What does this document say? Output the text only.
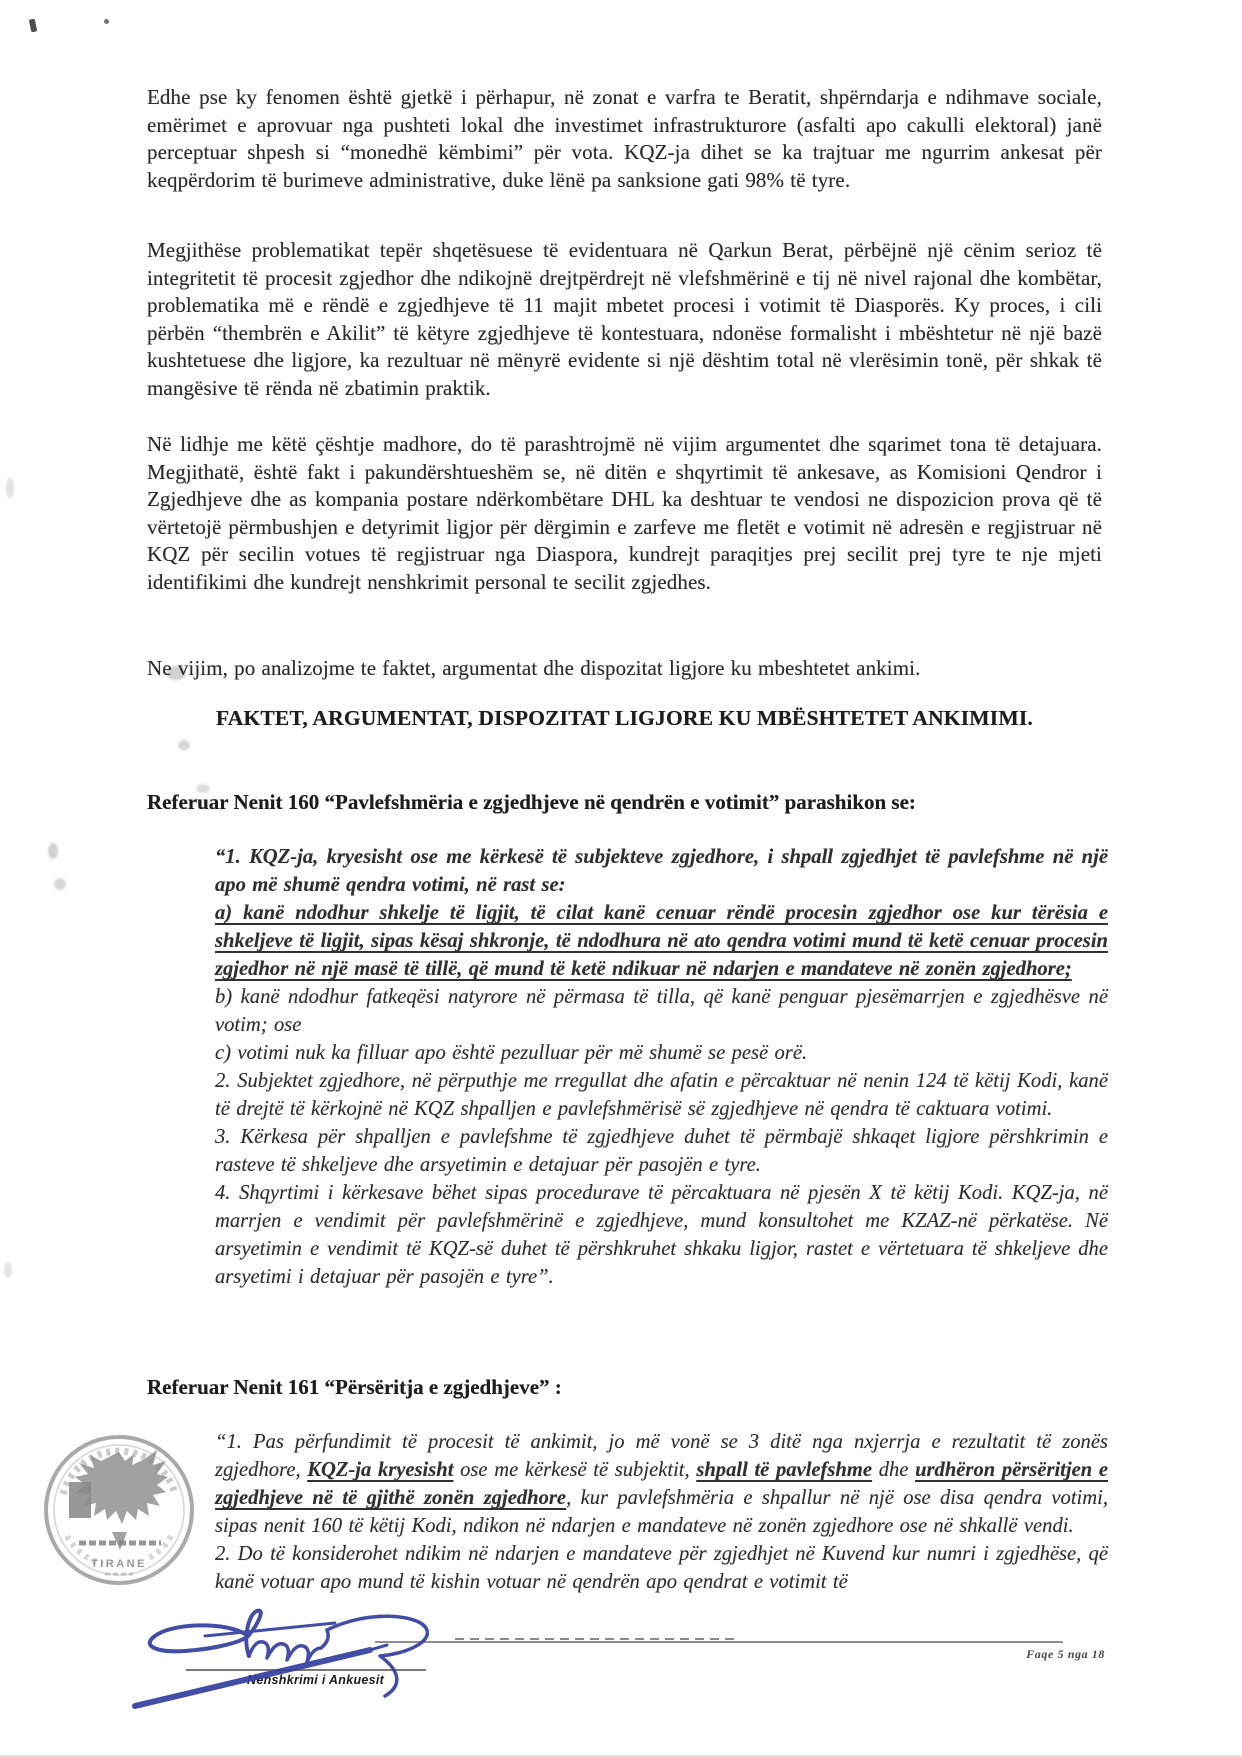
Edhe pse ky fenomen është gjetkë i përhapur, në zonat e varfra te Beratit, shpërndarja e ndihmave sociale, emërimet e aprovuar nga pushteti lokal dhe investimet infrastrukturore (asfalti apo cakulli elektoral) janë perceptuar shpesh si “monedhë këmbimi” për vota. KQZ-ja dihet se ka trajtuar me ngurrim ankesat për keqpërdorim të burimeve administrative, duke lënë pa sanksione gati 98% të tyre.

Megjithëse problematikat tepër shqetësuese të evidentuara në Qarkun Berat, përbëjnë një cënim serioz të integritetit të procesit zgjedhor dhe ndikojnë drejtpërdrejt në vlefshmërinë e tij në nivel rajonal dhe kombëtar, problematika më e rëndë e zgjedhjeve të 11 majit mbetet procesi i votimit të Diasporës. Ky proces, i cili përbën “thembrën e Akilit” të këtyre zgjedhjeve të kontestuara, ndonëse formalisht i mbështetur në një bazë kushtetuese dhe ligjore, ka rezultuar në mënyrë evidente si një dështim total në vlerësimin tonë, për shkak të mangësive të rënda në zbatimin praktik.

Në lidhje me këtë çështje madhore, do të parashtrojmë në vijim argumentet dhe sqarimet tona të detajuara. Megjithatë, është fakt i pakundërshtueshëm se, në ditën e shqyrtimit të ankesave, as Komisioni Qendror i Zgjedhjeve dhe as kompania postare ndërkombëtare DHL ka deshtuar te vendosi ne dispozicion prova që të vërtetojë përmbushjen e detyrimit ligjor për dërgimin e zarfeve me fletët e votimit në adresën e regjistruar në KQZ për secilin votues të regjistruar nga Diaspora, kundrejt paraqitjes prej secilit prej tyre te nje mjeti identifikimi dhe kundrejt nenshkrimit personal te secilit zgjedhes.

Ne vijim, po analizojme te faktet, argumentat dhe dispozitat ligjore ku mbeshtetet ankimi.

FAKTET, ARGUMENTAT, DISPOZITAT LIGJORE KU MBËSHTETET ANKIMIMI.
Referuar Nenit 160 “Pavlefshmëria e zgjedhjeve në qendrën e votimit” parashikon se:

“1. KQZ-ja, kryesisht ose me kërkesë të subjekteve zgjedhore, i shpall zgjedhjet të pavlefshme në një apo më shumë qendra votimi, në rast se:

a) kanë ndodhur shkelje të ligjit, të cilat kanë cenuar rëndë procesin zgjedhor ose kur tërësia e shkeljeve të ligjit, sipas kësaj shkronje, të ndodhura në ato qendra votimi mund të ketë cenuar procesin zgjedhor në një masë të tillë, që mund të ketë ndikuar në ndarjen e mandateve në zonën zgjedhore;

b) kanë ndodhur fatkeqësi natyrore në përmasa të tilla, që kanë penguar pjesëmarrjen e zgjedhësve në votim; ose

c) votimi nuk ka filluar apo është pezulluar për më shumë se pesë orë.

2. Subjektet zgjedhore, në përputhje me rregullat dhe afatin e përcaktuar në nenin 124 të këtij Kodi, kanë të drejtë të kërkojnë në KQZ shpalljen e pavlefshmërisë së zgjedhjeve në qendra të caktuara votimi.

3. Kërkesa për shpalljen e pavlefshme të zgjedhjeve duhet të përmbajë shkaqet ligjore përshkrimin e rasteve të shkeljeve dhe arsyetimin e detajuar për pasojën e tyre.

4. Shqyrtimi i kërkesave bëhet sipas procedurave të përcaktuara në pjesën X të këtij Kodi. KQZ-ja, në marrjen e vendimit për pavlefshmërinë e zgjedhjeve, mund konsultohet me KZAZ-në përkatëse. Në arsyetimin e vendimit të KQZ-së duhet të përshkruhet shkaku ligjor, rastet e vërtetuara të shkeljeve dhe arsyetimi i detajuar për pasojën e tyre”.

Referuar Nenit 161 “Përsëritja e zgjedhjeve” :

“1. Pas përfundimit të procesit të ankimit, jo më vonë se 3 ditë nga nxjerrja e rezultatit të zonës zgjedhore, KQZ-ja kryesisht ose me kërkesë të subjektit, shpall të pavlefshme dhe urdhëron përsëritjen e zgjedhjeve në të gjithë zonën zgjedhore, kur pavlefshmëria e shpallur në një ose disa qendra votimi, sipas nenit 160 të këtij Kodi, ndikon në ndarjen e mandateve në zonën zgjedhore ose në shkallë vendi.

2. Do të konsiderohet ndikim në ndarjen e mandateve për zgjedhjet në Kuvend kur numri i zgjedhëse, që kanë votuar apo mund të kishin votuar në qendrën apo qendrat e votimit të

TIRANE
Faqe 5 nga 18
Nënshkrimi i Ankuesit
